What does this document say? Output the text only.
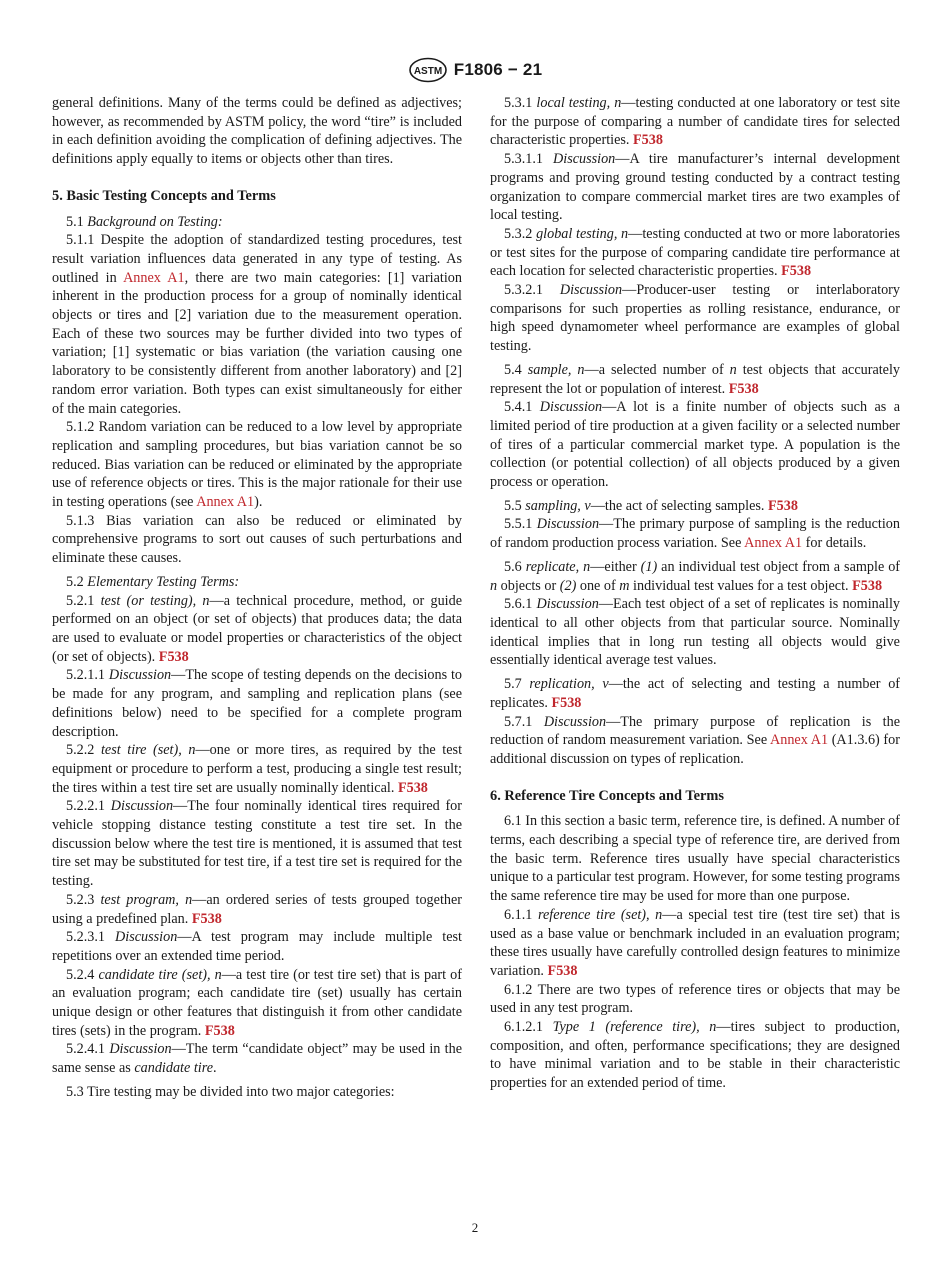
ASTM F1806 − 21

general definitions. Many of the terms could be defined as adjectives; however, as recommended by ASTM policy, the word “tire” is included in each definition avoiding the complication of defining adjectives. The definitions apply equally to items or objects other than tires.

5. Basic Testing Concepts and Terms

5.1 Background on Testing:

5.1.1 Despite the adoption of standardized testing procedures, test result variation influences data generated in any type of testing. As outlined in Annex A1, there are two main categories: [1] variation inherent in the production process for a group of nominally identical objects or tires and [2] variation due to the measurement operation. Each of these two sources may be further divided into two types of variation; [1] systematic or bias variation (the variation causing one laboratory to be consistently different from another laboratory) and [2] random error variation. Both types can exist simultaneously for either of the main categories.

5.1.2 Random variation can be reduced to a low level by appropriate replication and sampling procedures, but bias variation cannot be so reduced. Bias variation can be reduced or eliminated by the appropriate use of reference objects or tires. This is the major rationale for their use in testing operations (see Annex A1).

5.1.3 Bias variation can also be reduced or eliminated by comprehensive programs to sort out causes of such perturbations and eliminate these causes.

5.2 Elementary Testing Terms:

5.2.1 test (or testing), n—a technical procedure, method, or guide performed on an object (or set of objects) that produces data; the data are used to evaluate or model properties or characteristics of the object (or set of objects). F538

5.2.1.1 Discussion—The scope of testing depends on the decisions to be made for any program, and sampling and replication plans (see definitions below) need to be specified for a complete program description.

5.2.2 test tire (set), n—one or more tires, as required by the test equipment or procedure to perform a test, producing a single test result; the tires within a test tire set are usually nominally identical. F538

5.2.2.1 Discussion—The four nominally identical tires required for vehicle stopping distance testing constitute a test tire set. In the discussion below where the test tire is mentioned, it is assumed that test tire set may be substituted for test tire, if a test tire set is required for the testing.

5.2.3 test program, n—an ordered series of tests grouped together using a predefined plan. F538

5.2.3.1 Discussion—A test program may include multiple test repetitions over an extended time period.

5.2.4 candidate tire (set), n—a test tire (or test tire set) that is part of an evaluation program; each candidate tire (set) usually has certain unique design or other features that distinguish it from other candidate tires (sets) in the program. F538

5.2.4.1 Discussion—The term “candidate object” may be used in the same sense as candidate tire.

5.3 Tire testing may be divided into two major categories:

5.3.1 local testing, n—testing conducted at one laboratory or test site for the purpose of comparing a number of candidate tires for selected characteristic properties. F538

5.3.1.1 Discussion—A tire manufacturer’s internal development programs and proving ground testing conducted by a contract testing organization to compare commercial market tires are two examples of local testing.

5.3.2 global testing, n—testing conducted at two or more laboratories or test sites for the purpose of comparing candidate tire performance at each location for selected characteristic properties. F538

5.3.2.1 Discussion—Producer-user testing or interlaboratory comparisons for such properties as rolling resistance, endurance, or high speed dynamometer wheel performance are examples of global testing.

5.4 sample, n—a selected number of n test objects that accurately represent the lot or population of interest. F538

5.4.1 Discussion—A lot is a finite number of objects such as a limited period of tire production at a given facility or a selected number of tires of a particular commercial market type. A population is the collection (or potential collection) of all objects produced by a given process or operation.

5.5 sampling, v—the act of selecting samples. F538

5.5.1 Discussion—The primary purpose of sampling is the reduction of random production process variation. See Annex A1 for details.

5.6 replicate, n—either (1) an individual test object from a sample of n objects or (2) one of m individual test values for a test object. F538

5.6.1 Discussion—Each test object of a set of replicates is nominally identical to all other objects from that particular source. Nominally identical implies that in long run testing all objects would give essentially identical average test values.

5.7 replication, v—the act of selecting and testing a number of replicates. F538

5.7.1 Discussion—The primary purpose of replication is the reduction of random measurement variation. See Annex A1 (A1.3.6) for additional discussion on types of replication.

6. Reference Tire Concepts and Terms

6.1 In this section a basic term, reference tire, is defined. A number of terms, each describing a special type of reference tire, are derived from the basic term. Reference tires usually have special characteristics unique to a particular test program. However, for some testing programs the same reference tire may be used for more than one purpose.

6.1.1 reference tire (set), n—a special test tire (test tire set) that is used as a base value or benchmark included in an evaluation program; these tires usually have carefully controlled design features to minimize variation. F538

6.1.2 There are two types of reference tires or objects that may be used in any test program.

6.1.2.1 Type 1 (reference tire), n—tires subject to production, composition, and often, performance specifications; they are designed to have minimal variation and to be stable in their characteristic properties for an extended period of time.

2
